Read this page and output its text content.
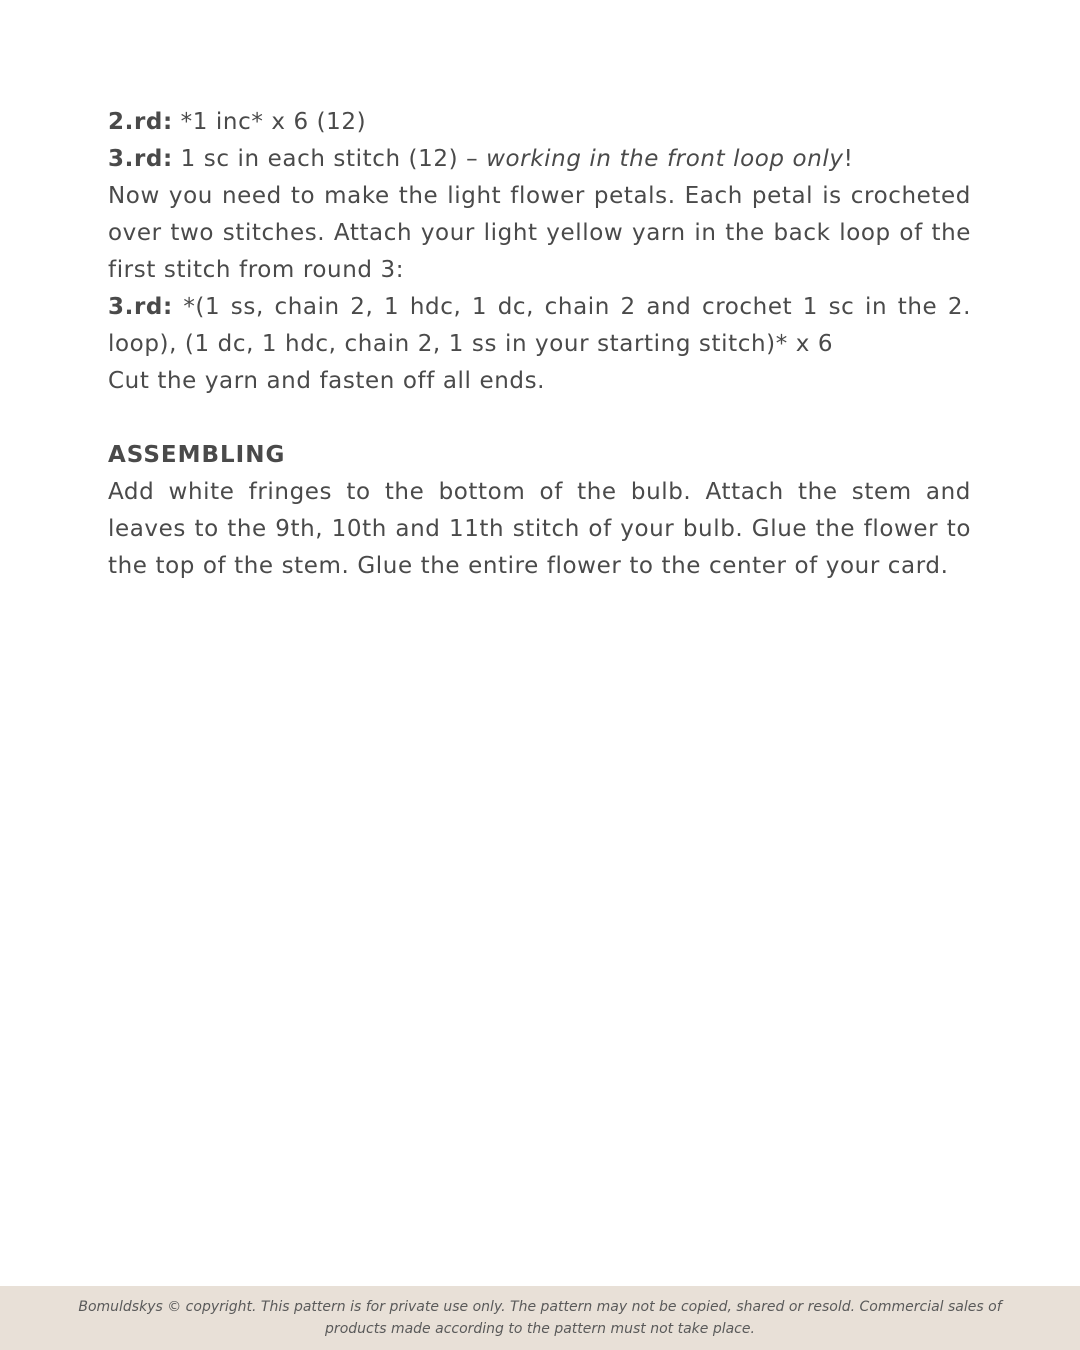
2.rd: *1 inc* x 6 (12)

3.rd: 1 sc in each stitch (12) – working in the front loop only!

Now you need to make the light flower petals. Each petal is crocheted over two stitches. Attach your light yellow yarn in the back loop of the first stitch from round 3:

3.rd: *(1 ss, chain 2, 1 hdc, 1 dc, chain 2 and crochet 1 sc in the 2. loop), (1 dc, 1 hdc, chain 2, 1 ss in your starting stitch)* x 6

Cut the yarn and fasten off all ends.

ASSEMBLING

Add white fringes to the bottom of the bulb. Attach the stem and leaves to the 9th, 10th and 11th stitch of your bulb. Glue the flower to the top of the stem. Glue the entire flower to the center of your card.

Bomuldskys © copyright. This pattern is for private use only. The pattern may not be copied, shared or resold. Commercial sales of products made according to the pattern must not take place.
